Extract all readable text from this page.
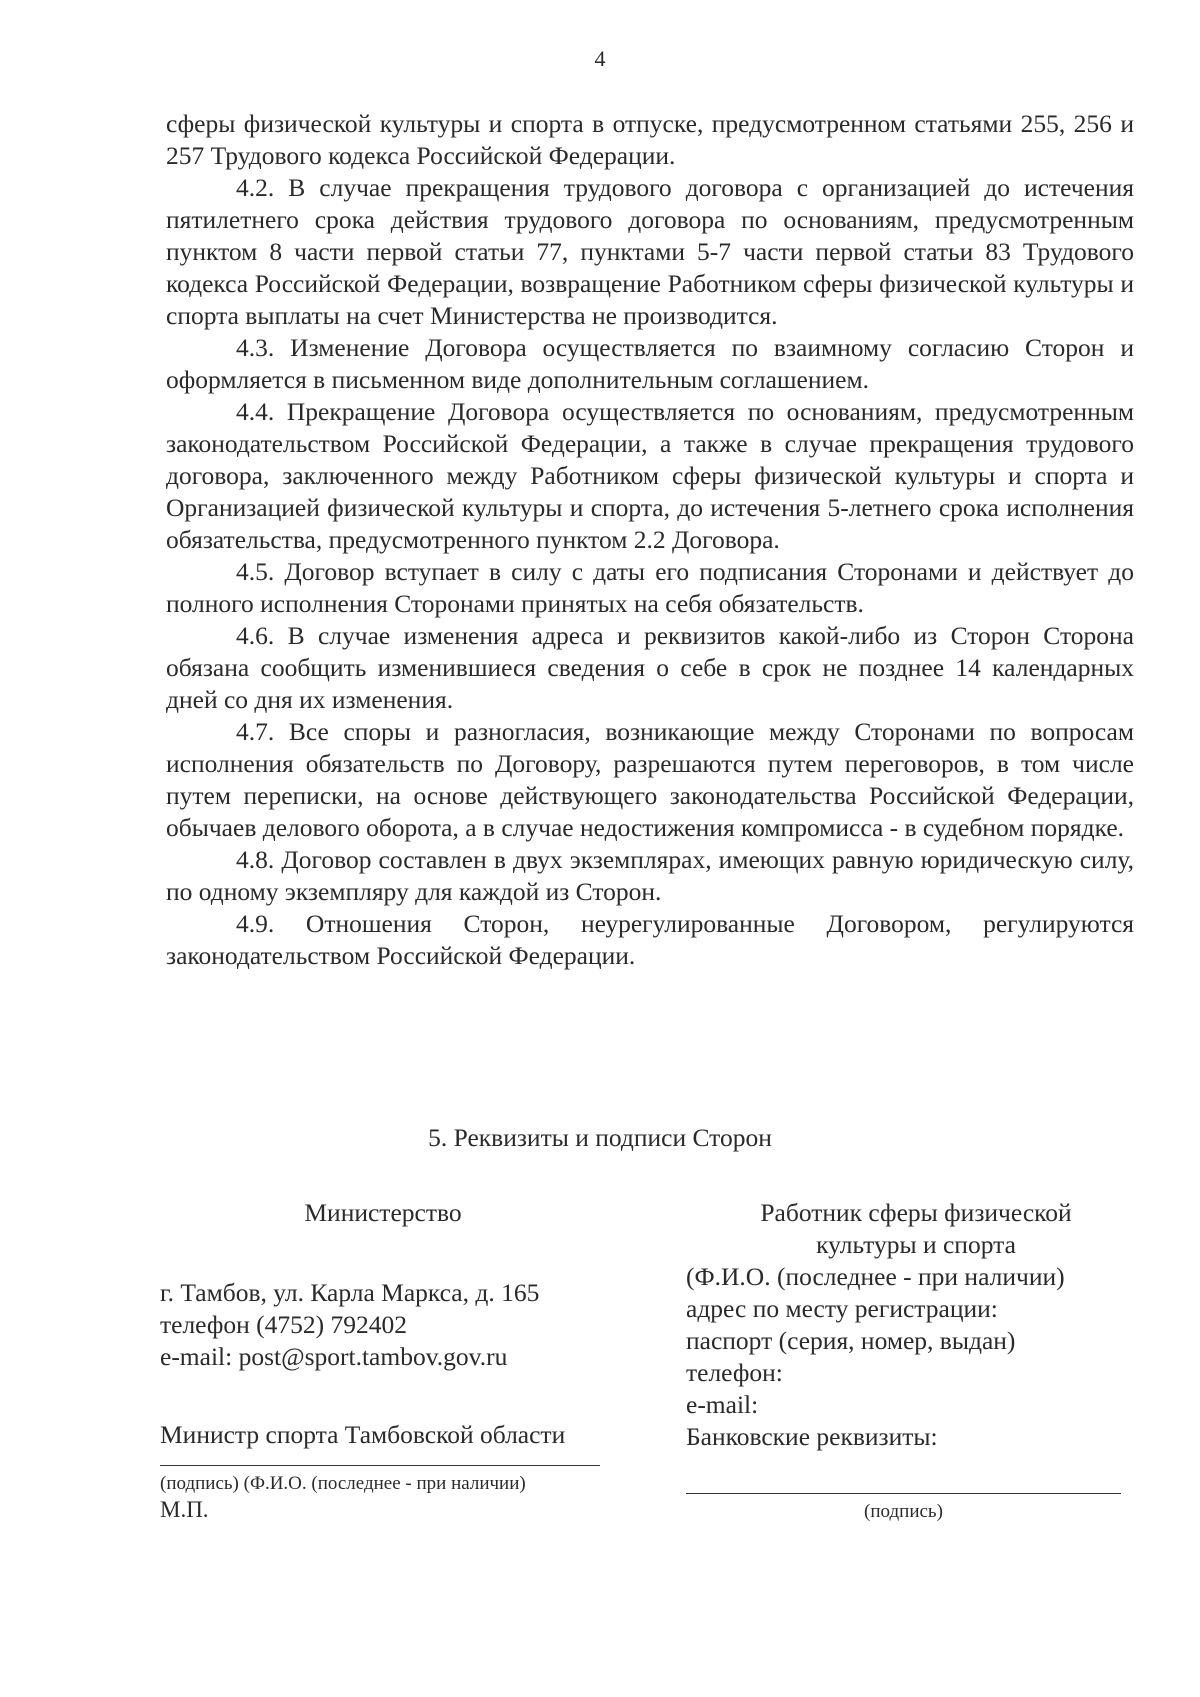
4

сферы физической культуры и спорта в отпуске, предусмотренном статьями 255, 256 и 257 Трудового кодекса Российской Федерации.

4.2. В случае прекращения трудового договора с организацией до истечения пятилетнего срока действия трудового договора по основаниям, предусмотренным пунктом 8 части первой статьи 77, пунктами 5-7 части первой статьи 83 Трудового кодекса Российской Федерации, возвращение Работником сферы физической культуры и спорта выплаты на счет Министерства не производится.

4.3. Изменение Договора осуществляется по взаимному согласию Сторон и оформляется в письменном виде дополнительным соглашением.

4.4. Прекращение Договора осуществляется по основаниям, предусмотренным законодательством Российской Федерации, а также в случае прекращения трудового договора, заключенного между Работником сферы физической культуры и спорта и Организацией физической культуры и спорта, до истечения 5-летнего срока исполнения обязательства, предусмотренного пунктом 2.2 Договора.

4.5. Договор вступает в силу с даты его подписания Сторонами и действует до полного исполнения Сторонами принятых на себя обязательств.

4.6. В случае изменения адреса и реквизитов какой-либо из Сторон Сторона обязана сообщить изменившиеся сведения о себе в срок не позднее 14 календарных дней со дня их изменения.

4.7. Все споры и разногласия, возникающие между Сторонами по вопросам исполнения обязательств по Договору, разрешаются путем переговоров, в том числе путем переписки, на основе действующего законодательства Российской Федерации, обычаев делового оборота, а в случае недостижения компромисса - в судебном порядке.

4.8. Договор составлен в двух экземплярах, имеющих равную юридическую силу, по одному экземпляру для каждой из Сторон.

4.9. Отношения Сторон, неурегулированные Договором, регулируются законодательством Российской Федерации.

5. Реквизиты и подписи Сторон
Министерство
г. Тамбов, ул. Карла Маркса, д. 165
телефон (4752) 792402
e-mail: post@sport.tambov.gov.ru
Министр спорта Тамбовской области
(подпись) (Ф.И.О. (последнее - при наличии)
М.П.
Работник сферы физической
культуры и спорта
(Ф.И.О. (последнее - при наличии)
адрес по месту регистрации:
паспорт (серия, номер, выдан)
телефон:
e-mail:
Банковские реквизиты:
(подпись)
